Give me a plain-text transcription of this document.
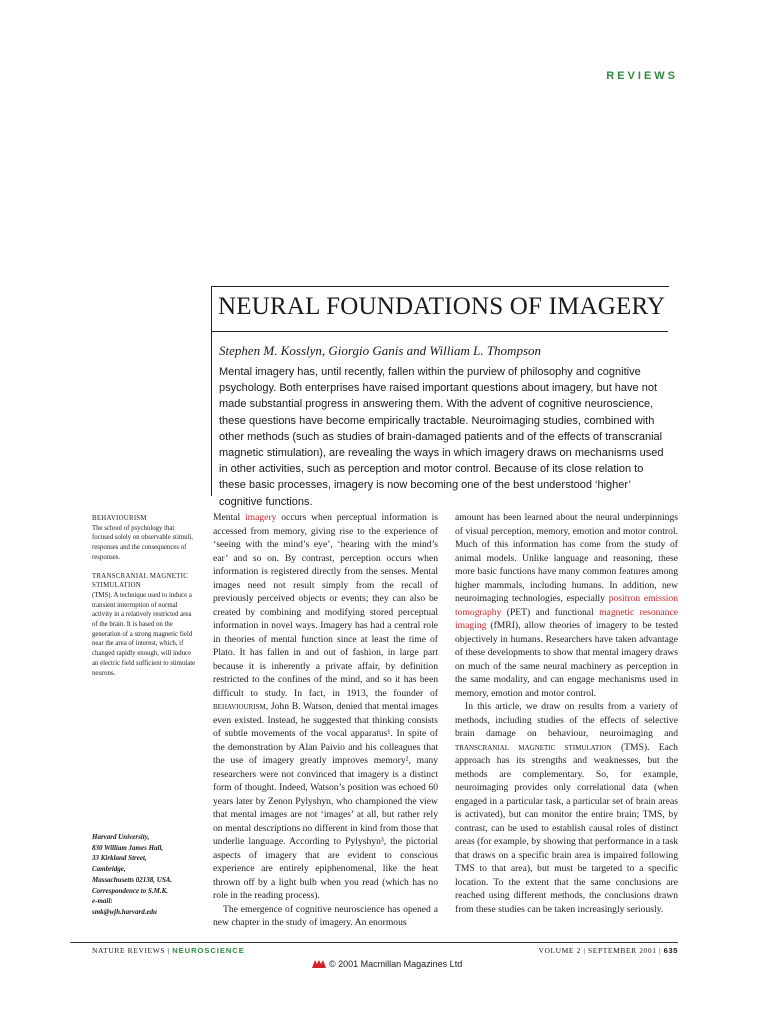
REVIEWS
NEURAL FOUNDATIONS OF IMAGERY
Stephen M. Kosslyn, Giorgio Ganis and William L. Thompson

Mental imagery has, until recently, fallen within the purview of philosophy and cognitive psychology. Both enterprises have raised important questions about imagery, but have not made substantial progress in answering them. With the advent of cognitive neuroscience, these questions have become empirically tractable. Neuroimaging studies, combined with other methods (such as studies of brain-damaged patients and of the effects of transcranial magnetic stimulation), are revealing the ways in which imagery draws on mechanisms used in other activities, such as perception and motor control. Because of its close relation to these basic processes, imagery is now becoming one of the best understood ‘higher’ cognitive functions.

BEHAVIOURISM
The school of psychology that focused solely on observable stimuli, responses and the consequences of responses.

TRANSCRANIAL MAGNETIC STIMULATION
(TMS). A technique used to induce a transient interruption of normal activity in a relatively restricted area of the brain. It is based on the generation of a strong magnetic field near the area of interest, which, if changed rapidly enough, will induce an electric field sufficient to stimulate neurons.

Harvard University,
830 William James Hall,
33 Kirkland Street,
Cambridge,
Massachusetts 02138, USA.
Correspondence to S.M.K.
e-mail:
smk@wjh.harvard.edu

Mental imagery occurs when perceptual information is accessed from memory, giving rise to the experience of ‘seeing with the mind’s eye’, ‘hearing with the mind’s ear’ and so on. By contrast, perception occurs when information is registered directly from the senses. Mental images need not result simply from the recall of previously perceived objects or events; they can also be created by combining and modifying stored perceptual information in novel ways. Imagery has had a central role in theories of mental function since at least the time of Plato. It has fallen in and out of fashion, in large part because it is inherently a private affair, by definition restricted to the confines of the mind, and so it has been difficult to study. In fact, in 1913, the founder of behaviourism, John B. Watson, denied that mental images even existed. Instead, he suggested that thinking consists of subtle movements of the vocal apparatus¹. In spite of the demonstration by Alan Paivio and his colleagues that the use of imagery greatly improves memory², many researchers were not convinced that imagery is a distinct form of thought. Indeed, Watson’s position was echoed 60 years later by Zenon Pylyshyn, who championed the view that mental images are not ‘images’ at all, but rather rely on mental descriptions no different in kind from those that underlie language. According to Pylyshyn³, the pictorial aspects of imagery that are evident to conscious experience are entirely epiphenomenal, like the heat thrown off by a light bulb when you read (which has no role in the reading process).

The emergence of cognitive neuroscience has opened a new chapter in the study of imagery. An enormous

amount has been learned about the neural underpinnings of visual perception, memory, emotion and motor control. Much of this information has come from the study of animal models. Unlike language and reasoning, these more basic functions have many common features among higher mammals, including humans. In addition, new neuroimaging technologies, especially positron emission tomography (PET) and functional magnetic resonance imaging (fMRI), allow theories of imagery to be tested objectively in humans. Researchers have taken advantage of these developments to show that mental imagery draws on much of the same neural machinery as perception in the same modality, and can engage mechanisms used in memory, emotion and motor control.

In this article, we draw on results from a variety of methods, including studies of the effects of selective brain damage on behaviour, neuroimaging and transcranial magnetic stimulation (TMS). Each approach has its strengths and weaknesses, but the methods are complementary. So, for example, neuroimaging provides only correlational data (when engaged in a particular task, a particular set of brain areas is activated), but can monitor the entire brain; TMS, by contrast, can be used to establish causal roles of distinct areas (for example, by showing that performance in a task that draws on a specific brain area is impaired following TMS to that area), but must be targeted to a specific location. To the extent that the same conclusions are reached using different methods, the conclusions drawn from these studies can be taken increasingly seriously.

NATURE REVIEWS | NEUROSCIENCE	VOLUME 2 | SEPTEMBER 2001 | 635
© 2001 Macmillan Magazines Ltd
